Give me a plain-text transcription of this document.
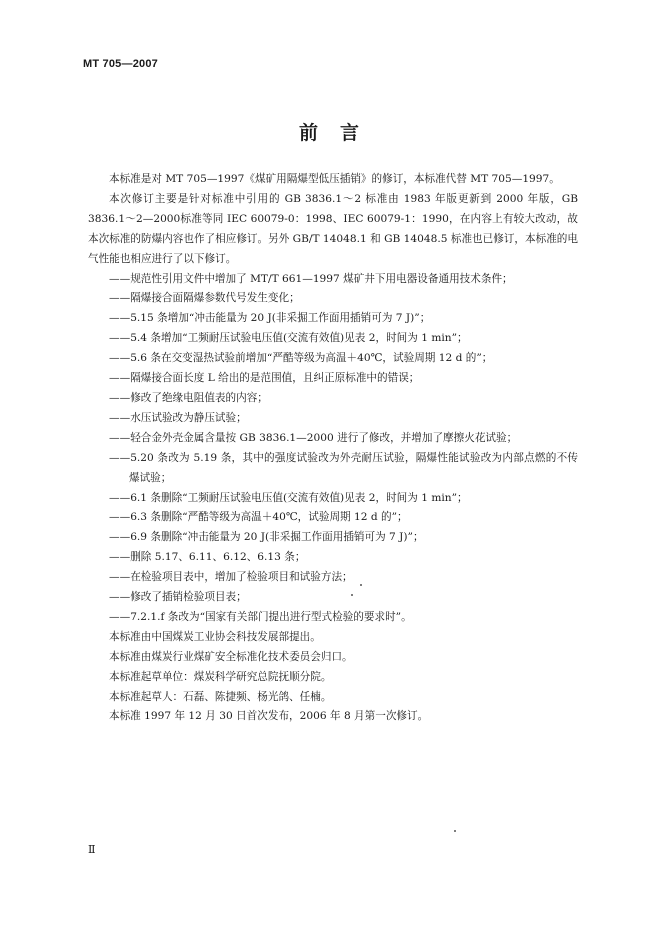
MT 705—2007
前言

本标准是对 MT 705—1997《煤矿用隔爆型低压插销》的修订，本标准代替 MT 705—1997。

本次修订主要是针对标准中引用的 GB 3836.1～2 标准由 1983 年版更新到 2000 年版，GB 3836.1～2—2000标准等同 IEC 60079-0：1998、IEC 60079-1：1990，在内容上有较大改动，故本次标准的防爆内容也作了相应修订。另外 GB/T 14048.1 和 GB 14048.5 标准也已修订，本标准的电气性能也相应进行了以下修订。

——规范性引用文件中增加了 MT/T 661—1997 煤矿井下用电器设备通用技术条件；

——隔爆接合面隔爆参数代号发生变化；

——5.15 条增加“冲击能量为 20 J(非采掘工作面用插销可为 7 J)”；

——5.4 条增加“工频耐压试验电压值(交流有效值)见表 2，时间为 1 min”；

——5.6 条在交变湿热试验前增加“严酷等级为高温＋40℃，试验周期 12 d 的”；

——隔爆接合面长度 L 给出的是范围值，且纠正原标准中的错误；

——修改了绝缘电阻值表的内容；

——水压试验改为静压试验；

——轻合金外壳金属含量按 GB 3836.1—2000 进行了修改，并增加了摩擦火花试验；

——5.20 条改为 5.19 条，其中的强度试验改为外壳耐压试验，隔爆性能试验改为内部点燃的不传爆试验；

——6.1 条删除“工频耐压试验电压值(交流有效值)见表 2，时间为 1 min”；

——6.3 条删除“严酷等级为高温＋40℃，试验周期 12 d 的”；

——6.9 条删除“冲击能量为 20 J(非采掘工作面用插销可为 7 J)”；

——删除 5.17、6.11、6.12、6.13 条；

——在检验项目表中，增加了检验项目和试验方法；

——修改了插销检验项目表；

——7.2.1.f 条改为“国家有关部门提出进行型式检验的要求时”。

本标准由中国煤炭工业协会科技发展部提出。

本标准由煤炭行业煤矿安全标准化技术委员会归口。

本标准起草单位：煤炭科学研究总院抚顺分院。

本标准起草人：石磊、陈捷频、杨光鸽、任楠。

本标准 1997 年 12 月 30 日首次发布，2006 年 8 月第一次修订。

Ⅱ
